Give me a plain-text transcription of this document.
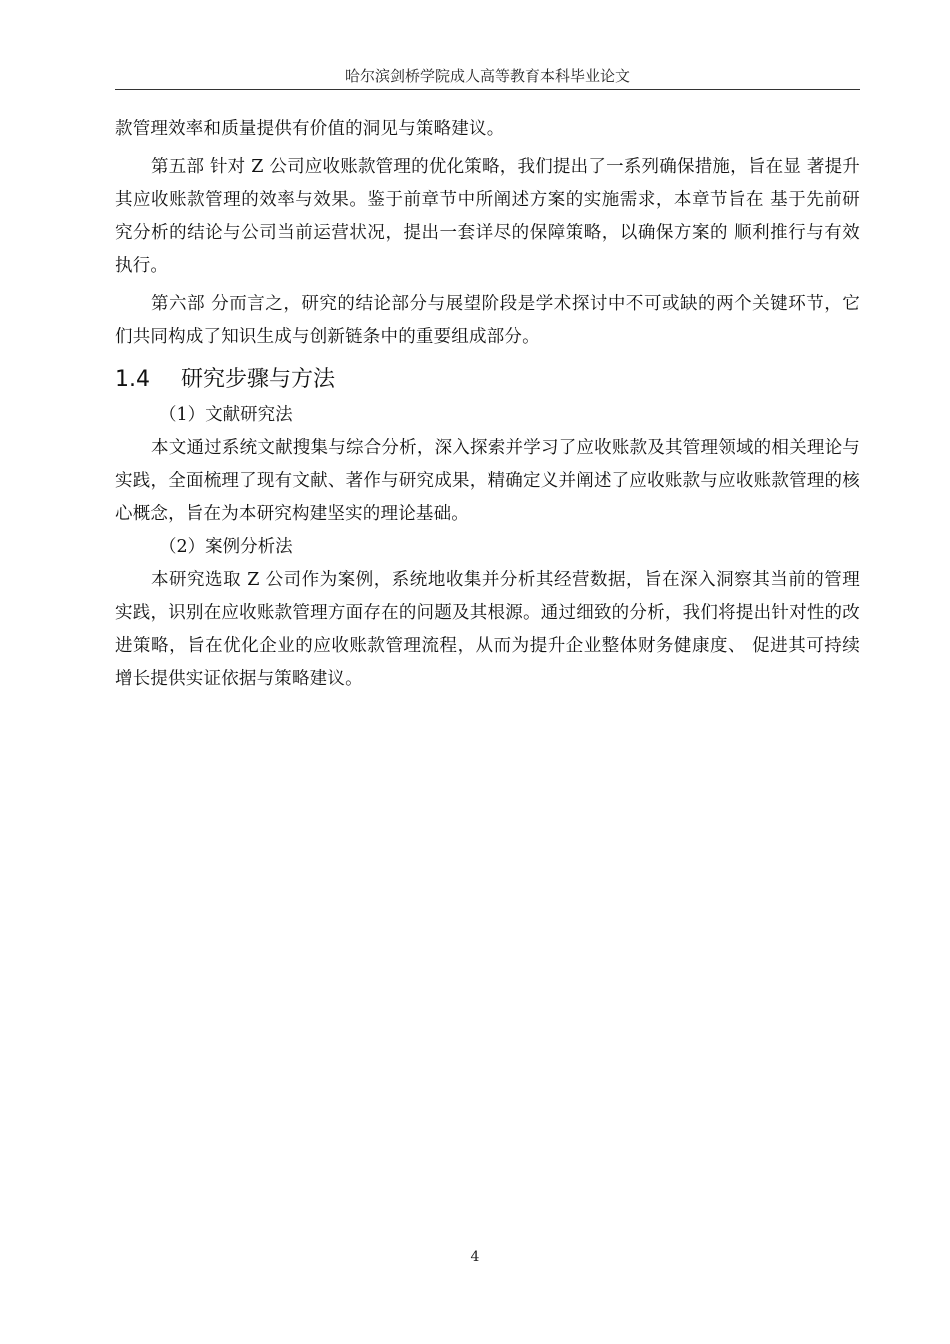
哈尔滨剑桥学院成人高等教育本科毕业论文

款管理效率和质量提供有价值的洞见与策略建议。

第五部 针对 Z 公司应收账款管理的优化策略，我们提出了一系列确保措施，旨在显 著提升其应收账款管理的效率与效果。鉴于前章节中所阐述方案的实施需求，本章节旨在 基于先前研究分析的结论与公司当前运营状况，提出一套详尽的保障策略，以确保方案的 顺利推行与有效执行。

第六部 分而言之，研究的结论部分与展望阶段是学术探讨中不可或缺的两个关键环节，它们共同构成了知识生成与创新链条中的重要组成部分。

1.4 研究步骤与方法

（1）文献研究法

本文通过系统文献搜集与综合分析，深入探索并学习了应收账款及其管理领域的相关理论与实践，全面梳理了现有文献、著作与研究成果，精确定义并阐述了应收账款与应收账款管理的核心概念，旨在为本研究构建坚实的理论基础。

（2）案例分析法

本研究选取 Z 公司作为案例，系统地收集并分析其经营数据，旨在深入洞察其当前的管理实践，识别在应收账款管理方面存在的问题及其根源。通过细致的分析，我们将提出针对性的改进策略，旨在优化企业的应收账款管理流程，从而为提升企业整体财务健康度、 促进其可持续增长提供实证依据与策略建议。

4
